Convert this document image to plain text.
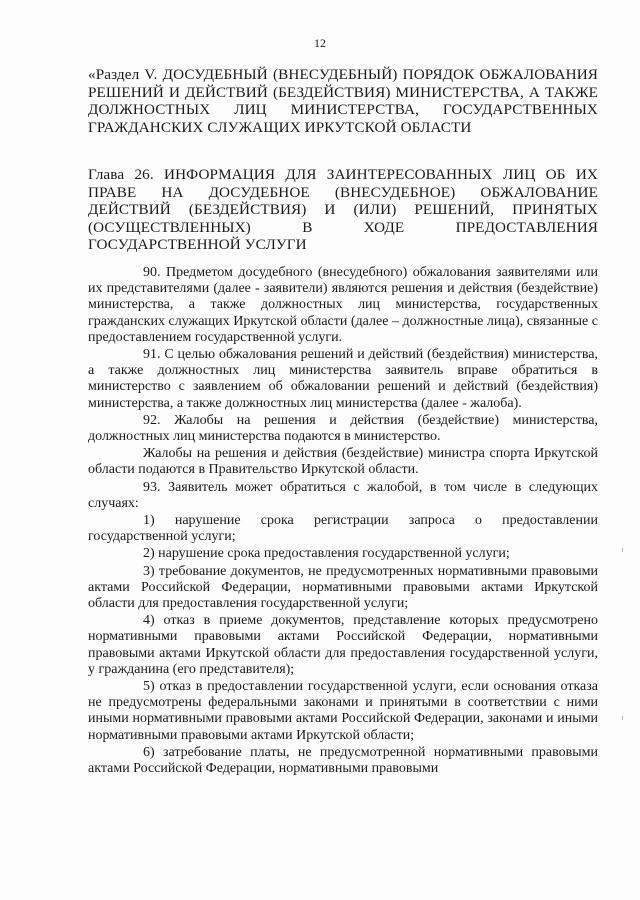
12
«Раздел V. ДОСУДЕБНЫЙ (ВНЕСУДЕБНЫЙ) ПОРЯДОК ОБЖАЛОВАНИЯ РЕШЕНИЙ И ДЕЙСТВИЙ (БЕЗДЕЙСТВИЯ) МИНИСТЕРСТВА, А ТАКЖЕ ДОЛЖНОСТНЫХ ЛИЦ МИНИСТЕРСТВА, ГОСУДАРСТВЕННЫХ ГРАЖДАНСКИХ СЛУЖАЩИХ ИРКУТСКОЙ ОБЛАСТИ
Глава 26. ИНФОРМАЦИЯ ДЛЯ ЗАИНТЕРЕСОВАННЫХ ЛИЦ ОБ ИХ ПРАВЕ НА ДОСУДЕБНОЕ (ВНЕСУДЕБНОЕ) ОБЖАЛОВАНИЕ ДЕЙСТВИЙ (БЕЗДЕЙСТВИЯ) И (ИЛИ) РЕШЕНИЙ, ПРИНЯТЫХ (ОСУЩЕСТВЛЕННЫХ) В ХОДЕ ПРЕДОСТАВЛЕНИЯ ГОСУДАРСТВЕННОЙ УСЛУГИ

90. Предметом досудебного (внесудебного) обжалования заявителями или их представителями (далее - заявители) являются решения и действия (бездействие) министерства, а также должностных лиц министерства, государственных гражданских служащих Иркутской области (далее – должностные лица), связанные с предоставлением государственной услуги.

91. С целью обжалования решений и действий (бездействия) министерства, а также должностных лиц министерства заявитель вправе обратиться в министерство с заявлением об обжаловании решений и действий (бездействия) министерства, а также должностных лиц министерства (далее - жалоба).

92. Жалобы на решения и действия (бездействие) министерства, должностных лиц министерства подаются в министерство.

Жалобы на решения и действия (бездействие) министра спорта Иркутской области подаются в Правительство Иркутской области.

93. Заявитель может обратиться с жалобой, в том числе в следующих случаях:

1) нарушение срока регистрации запроса о предоставлении государственной услуги;

2) нарушение срока предоставления государственной услуги;

3) требование документов, не предусмотренных нормативными правовыми актами Российской Федерации, нормативными правовыми актами Иркутской области для предоставления государственной услуги;

4) отказ в приеме документов, представление которых предусмотрено нормативными правовыми актами Российской Федерации, нормативными правовыми актами Иркутской области для предоставления государственной услуги, у гражданина (его представителя);

5) отказ в предоставлении государственной услуги, если основания отказа не предусмотрены федеральными законами и принятыми в соответствии с ними иными нормативными правовыми актами Российской Федерации, законами и иными нормативными правовыми актами Иркутской области;

6) затребование платы, не предусмотренной нормативными правовыми актами Российской Федерации, нормативными правовыми
